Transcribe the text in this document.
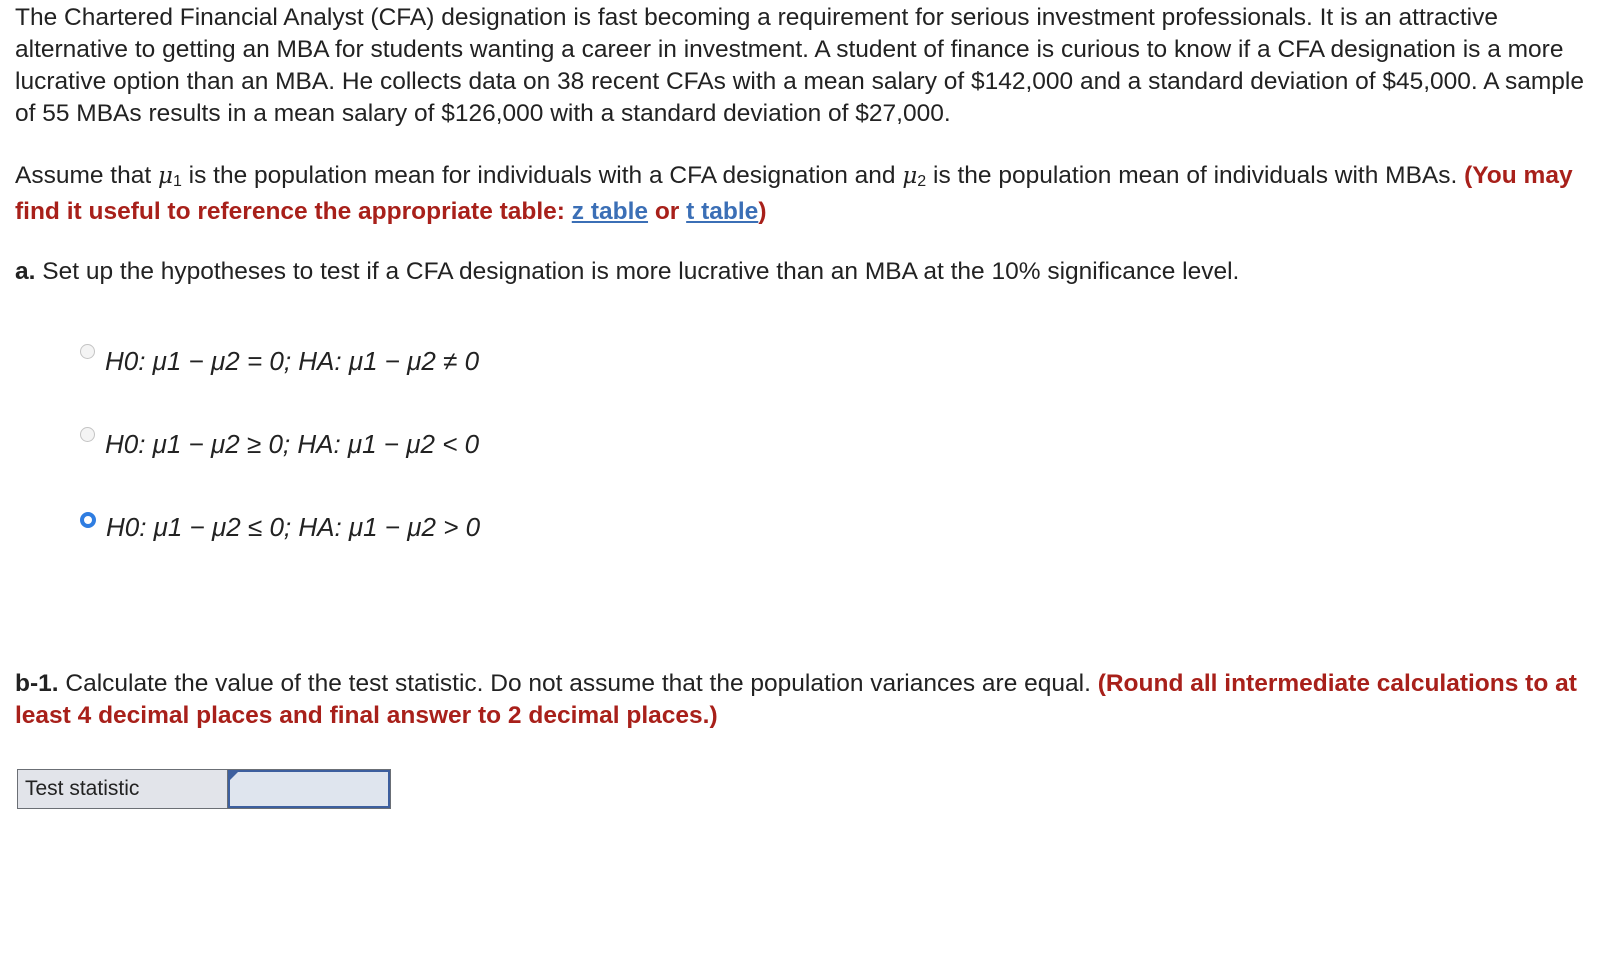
The Chartered Financial Analyst (CFA) designation is fast becoming a requirement for serious investment professionals. It is an attractive alternative to getting an MBA for students wanting a career in investment. A student of finance is curious to know if a CFA designation is a more lucrative option than an MBA. He collects data on 38 recent CFAs with a mean salary of $142,000 and a standard deviation of $45,000. A sample of 55 MBAs results in a mean salary of $126,000 with a standard deviation of $27,000.

Assume that $\mu_1$ is the population mean for individuals with a CFA designation and $\mu_2$ is the population mean of individuals with MBAs. (You may find it useful to reference the appropriate table: z table or t table)

a. Set up the hypotheses to test if a CFA designation is more lucrative than an MBA at the 10% significance level.

H0: μ1 − μ2 = 0; HA: μ1 − μ2 ≠ 0
H0: μ1 − μ2 ≥ 0; HA: μ1 − μ2 < 0
H0: μ1 − μ2 ≤ 0; HA: μ1 − μ2 > 0

b-1. Calculate the value of the test statistic. Do not assume that the population variances are equal. (Round all intermediate calculations to at least 4 decimal places and final answer to 2 decimal places.)

Test statistic
